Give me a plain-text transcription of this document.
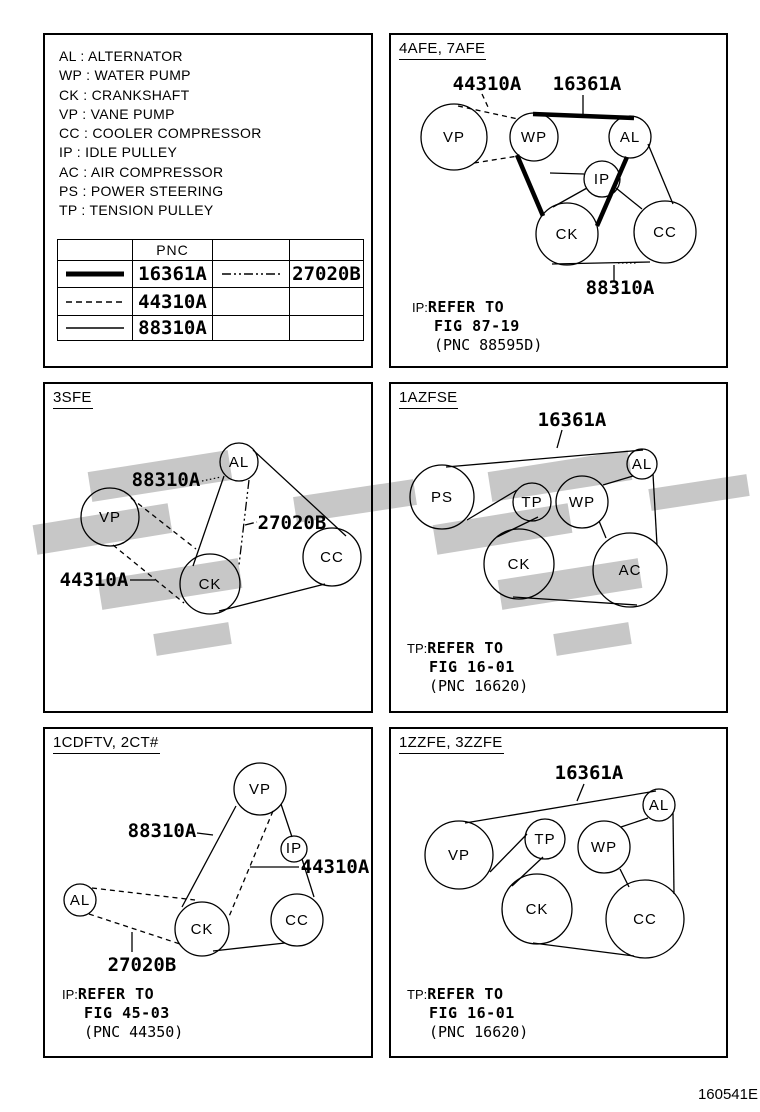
AL : ALTERNATOR
WP : WATER PUMP
CK : CRANKSHAFT
VP : VANE PUMP
CC : COOLER COMPRESSOR
IP : IDLE PULLEY
AC : AIR COMPRESSOR
PS : POWER STEERING
TP : TENSION PULLEY
	PNC		

	16361A		27020B

	44310A		

	88310A		
4AFE, 7AFE
44310A 16361A
88310A
VP	WP	AL
IP
CK	CC
IP:REFER TO
FIG 87-19
(PNC 88595D)
3SFE
88310A
27020B
44310A
AL
VP
CK
CC
1AZFSE
16361A
AL
PS	TP WP
CK	AC
TP:REFER TO
FIG 16-01
(PNC 16620)
1CDFTV, 2CT#
88310A
44310A
27020B
VP
IP
AL
CK
CC
IP:REFER TO
FIG 45-03
(PNC 44350)
1ZZFE, 3ZZFE
16361A
AL
VP
TP WP
CK
CC
TP:REFER TO
FIG 16-01
(PNC 16620)
160541E
